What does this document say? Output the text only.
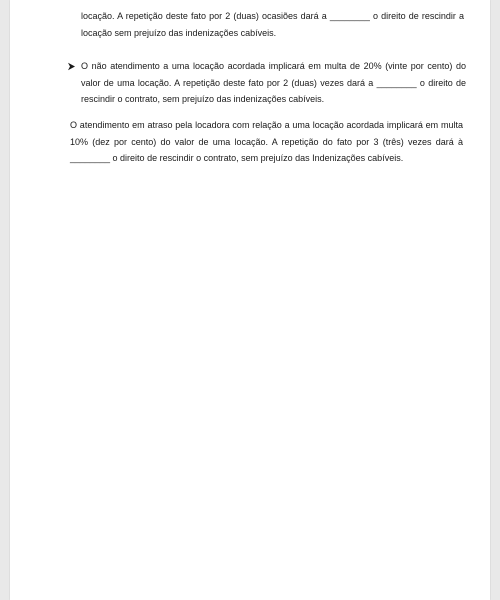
locação. A repetição deste fato por 2 (duas) ocasiões dará a ________ o direito de rescindir a locação sem prejuízo das indenizações cabíveis.

O não atendimento a uma locação acordada implicará em multa de 20% (vinte por cento) do valor de uma locação. A repetição deste fato por 2 (duas) vezes dará a ________ o direito de rescindir o contrato, sem prejuízo das indenizações cabíveis.

O atendimento em atraso pela locadora com relação a uma locação acordada implicará em multa 10% (dez por cento) do valor de uma locação. A repetição do fato por 3 (três) vezes dará à ________ o direito de rescindir o contrato, sem prejuízo das Indenizações cabíveis.
